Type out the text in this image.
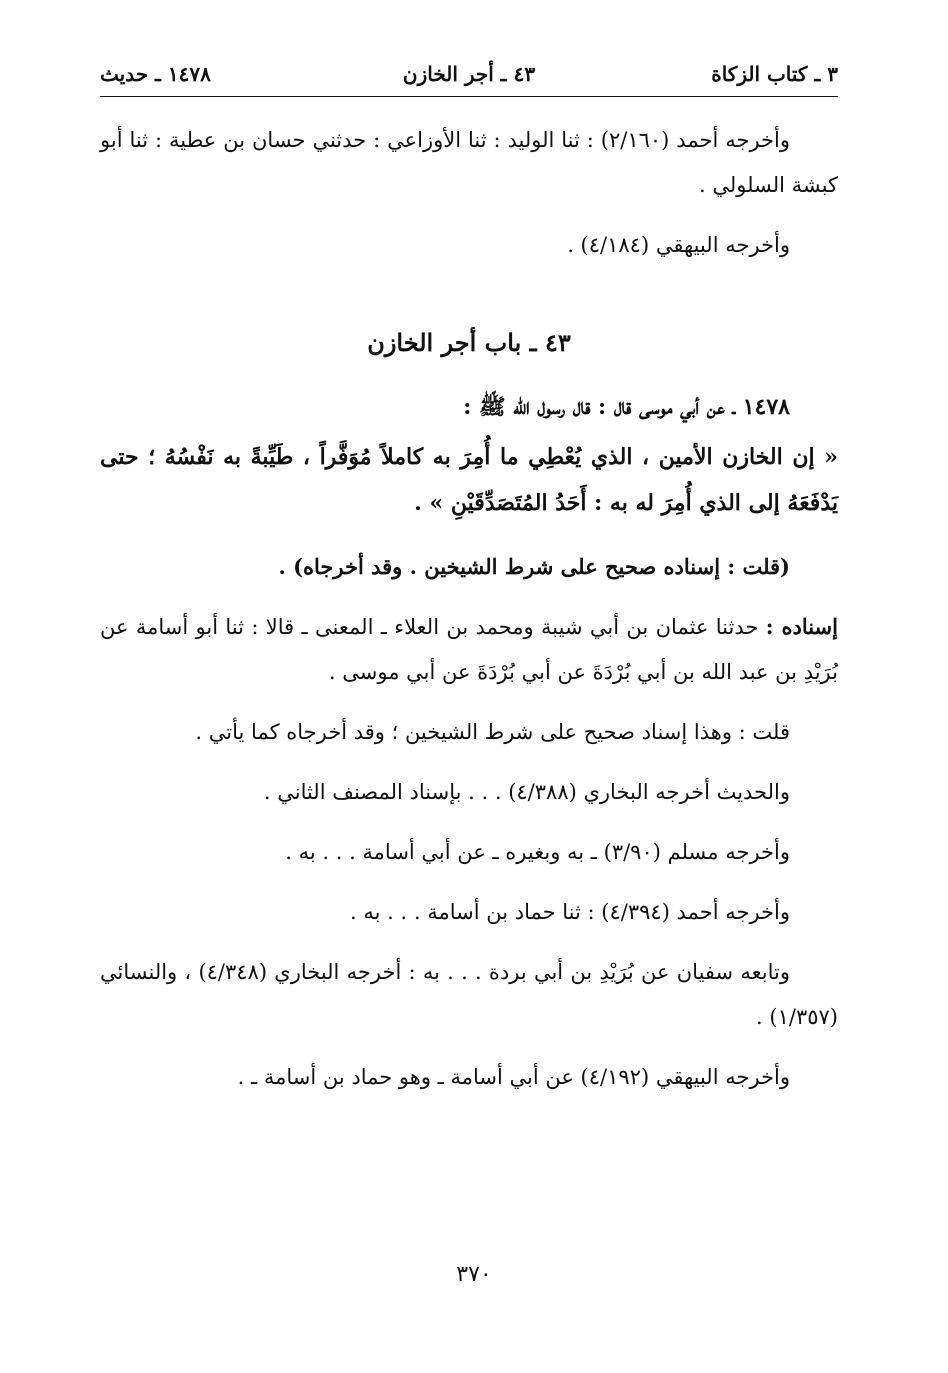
٣ ـ كتاب الزكاة
٤٣ ـ أجر الخازن
١٤٧٨ ـ حديث

وأخرجه أحمد (٢/١٦٠) : ثنا الوليد : ثنا الأوزاعي : حدثني حسان بن عطية : ثنا أبو كبشة السلولي .

وأخرجه البيهقي (٤/١٨٤) .

٤٣ ـ باب أجر الخازن

١٤٧٨ ـ عن أبي موسى قال : قال رسول الله ﷺ :

« إن الخازن الأمين ، الذي يُعْطِي ما أُمِرَ به كاملاً مُوَفَّراً ، طَيِّبةً به نَفْسُهُ ؛ حتى يَدْفَعَهُ إلى الذي أُمِرَ له به : أَحَدُ المُتَصَدِّقَيْنِ » .

(قلت : إسناده صحيح على شرط الشيخين . وقد أخرجاه) .

إسناده : حدثنا عثمان بن أبي شيبة ومحمد بن العلاء ـ المعنى ـ قالا : ثنا أبو أسامة عن بُرَيْدِ بن عبد الله بن أبي بُرْدَةَ عن أبي بُرْدَةَ عن أبي موسى .

قلت : وهذا إسناد صحيح على شرط الشيخين ؛ وقد أخرجاه كما يأتي .

والحديث أخرجه البخاري (٤/٣٨٨) . . . بإسناد المصنف الثاني .

وأخرجه مسلم (٣/٩٠) ـ به وبغيره ـ عن أبي أسامة . . . به .

وأخرجه أحمد (٤/٣٩٤) : ثنا حماد بن أسامة . . . به .

وتابعه سفيان عن بُرَيْدِ بن أبي بردة . . . به : أخرجه البخاري (٤/٣٤٨) ، والنسائي (١/٣٥٧) .

وأخرجه البيهقي (٤/١٩٢) عن أبي أسامة ـ وهو حماد بن أسامة ـ .

٣٧٠
